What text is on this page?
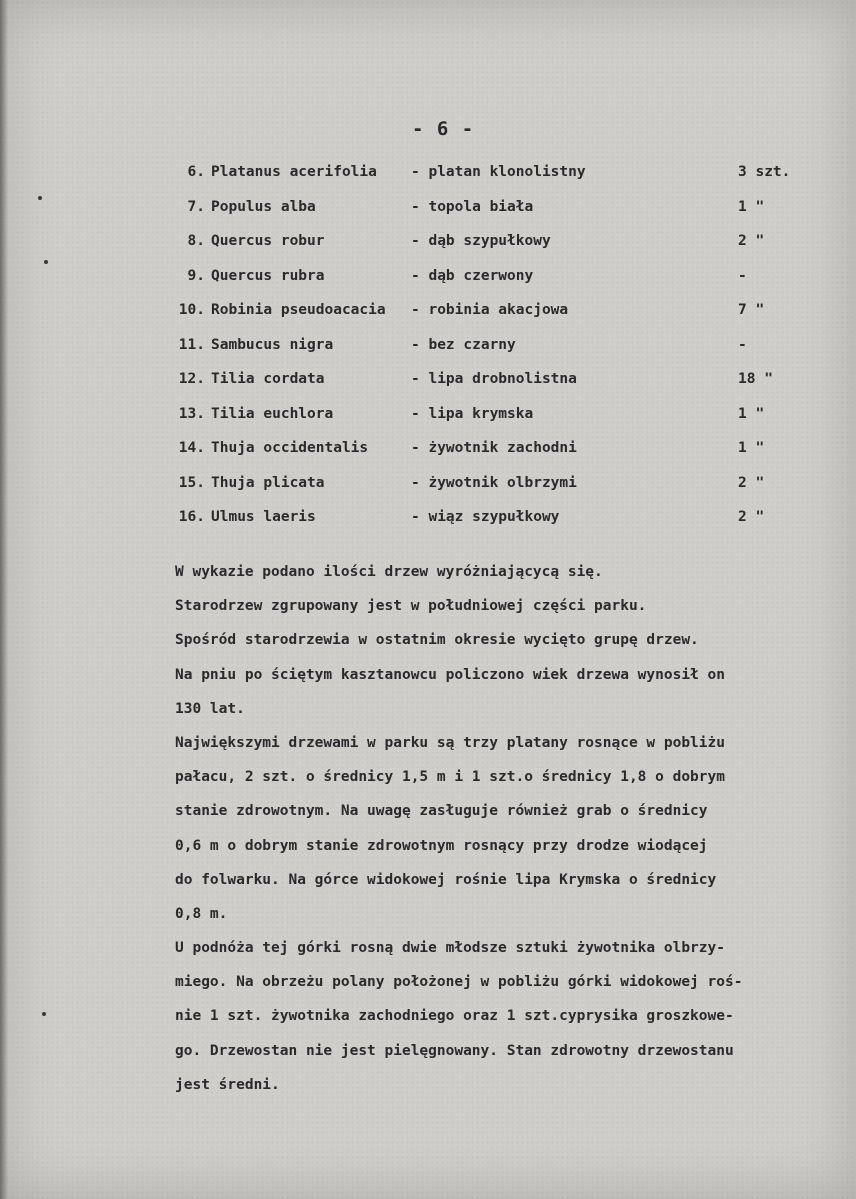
- 6 -
6. Platanus acerifolia - platan klonolistny	3 szt.
7. Populus alba	- topola biała	1 "
8. Quercus robur	- dąb szypułkowy	2 "
9. Quercus rubra	- dąb czerwony	-
10. Robinia pseudoacacia - robinia akacjowa	7 "
11. Sambucus nigra	- bez czarny	-
12. Tilia cordata	- lipa drobnolistna	18 "
13. Tilia euchlora	- lipa krymska	1 "
14. Thuja occidentalis	- żywotnik zachodni	1 "
15. Thuja plicata	- żywotnik olbrzymi	2 "
16. Ulmus laeris	- wiąz szypułkowy	2 "
W wykazie podano ilości drzew wyróżniającycą się.
Starodrzew zgrupowany jest w południowej części parku.
Spośród starodrzewia w ostatnim okresie wycięto grupę drzew.
Na pniu po ściętym kasztanowcu policzono wiek drzewa wynosił on
130 lat.
Największymi drzewami w parku są trzy platany rosnące w pobliżu
pałacu, 2 szt. o średnicy 1,5 m i 1 szt.o średnicy 1,8 o dobrym
stanie zdrowotnym. Na uwagę zasługuje również grab o średnicy
0,6 m o dobrym stanie zdrowotnym rosnący przy drodze wiodącej
do folwarku. Na górce widokowej rośnie lipa Krymska o średnicy
0,8 m.
U podnóża tej górki rosną dwie młodsze sztuki żywotnika olbrzy-
miego. Na obrzeżu polany położonej w pobliżu górki widokowej roś-
nie 1 szt. żywotnika zachodniego oraz 1 szt.cyprysika groszkowe-
go. Drzewostan nie jest pielęgnowany. Stan zdrowotny drzewostanu
jest średni.
